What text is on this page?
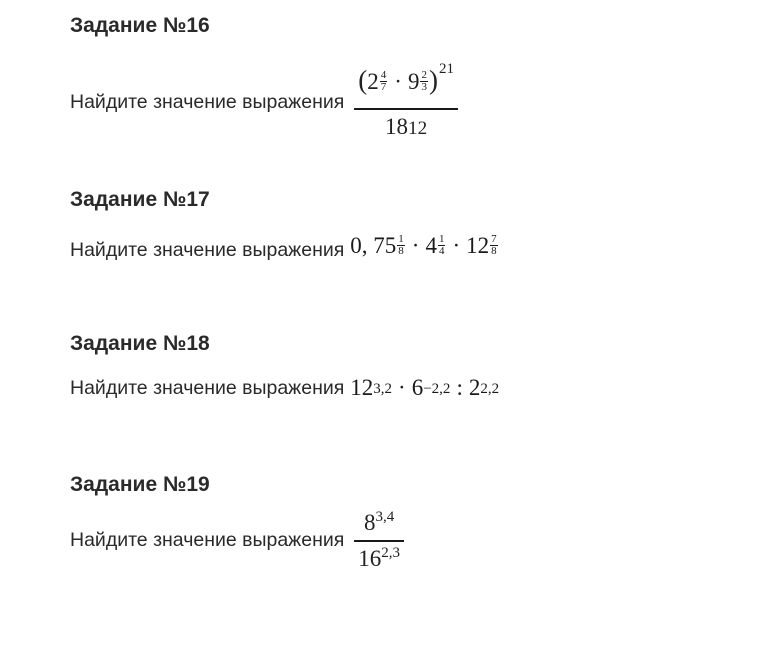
Задание №16
Найдите значение выражения
( 2 4
7 · 9 2
3 ) 21
18 12
Задание №17
Найдите значение выражения 0, 75 1
8 · 4 1
4 · 12 7
8
Задание №18
Найдите значение выражения $12^{3,2} \cdot 6^{-2,2}$ : 2$^{2,2}$
Задание №19
Найдите значение выражения $\frac{8^{3,4}}{16^{2,3}}$
